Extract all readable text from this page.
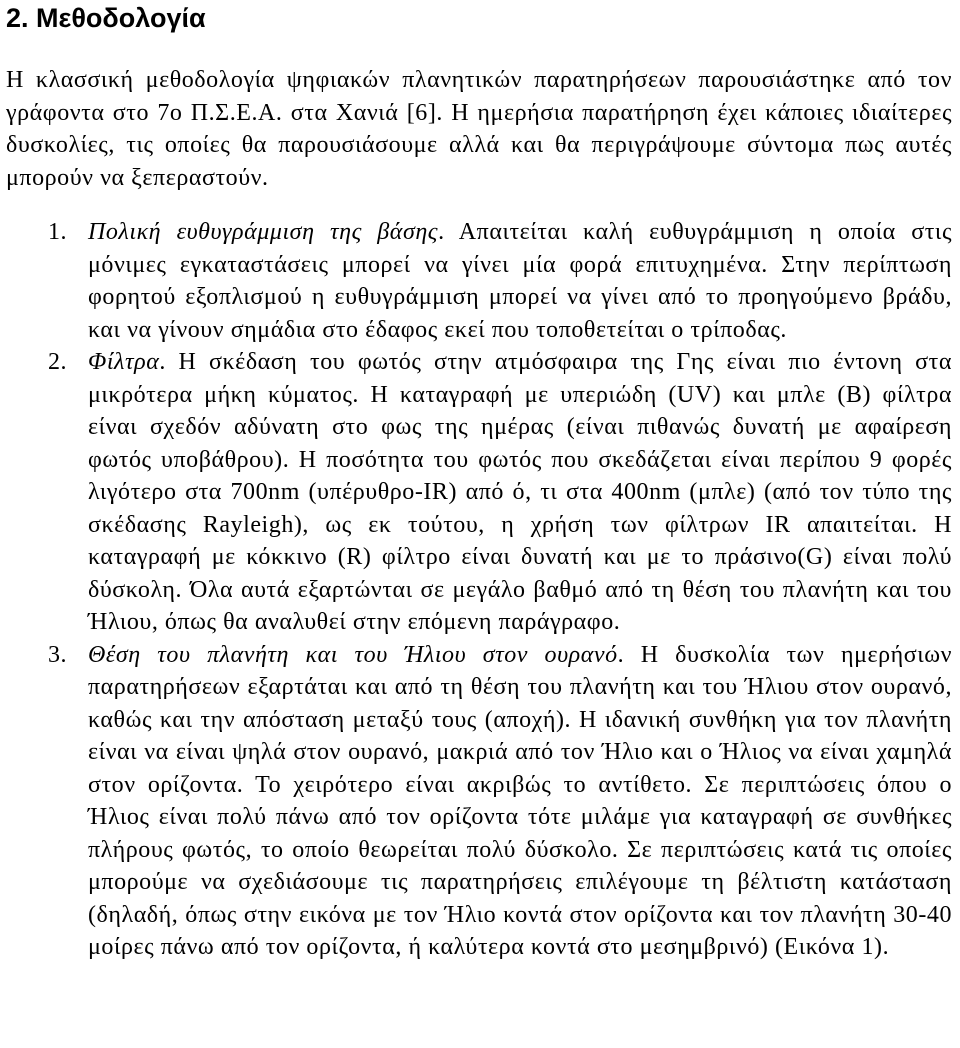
2. Μεθοδολογία

Η κλασσική μεθοδολογία ψηφιακών πλανητικών παρατηρήσεων παρουσιάστηκε από τον γράφοντα στο 7ο Π.Σ.Ε.Α. στα Χανιά [6]. Η ημερήσια παρατήρηση έχει κάποιες ιδιαίτερες δυσκολίες, τις οποίες θα παρουσιάσουμε αλλά και θα περιγράψουμε σύντομα πως αυτές μπορούν να ξεπεραστούν.

1. Πολική ευθυγράμμιση της βάσης. Απαιτείται καλή ευθυγράμμιση η οποία στις μόνιμες εγκαταστάσεις μπορεί να γίνει μία φορά επιτυχημένα. Στην περίπτωση φορητού εξοπλισμού η ευθυγράμμιση μπορεί να γίνει από το προηγούμενο βράδυ, και να γίνουν σημάδια στο έδαφος εκεί που τοποθετείται ο τρίποδας.
2. Φίλτρα. Η σκέδαση του φωτός στην ατμόσφαιρα της Γης είναι πιο έντονη στα μικρότερα μήκη κύματος. Η καταγραφή με υπεριώδη (UV) και μπλε (Β) φίλτρα είναι σχεδόν αδύνατη στο φως της ημέρας (είναι πιθανώς δυνατή με αφαίρεση φωτός υποβάθρου). Η ποσότητα του φωτός που σκεδάζεται είναι περίπου 9 φορές λιγότερο στα 700nm (υπέρυθρο-IR) από ό, τι στα 400nm (μπλε) (από τον τύπο της σκέδασης Rayleigh), ως εκ τούτου, η χρήση των φίλτρων IR απαιτείται. Η καταγραφή με κόκκινο (R) φίλτρο είναι δυνατή και με το πράσινο(G) είναι πολύ δύσκολη. Όλα αυτά εξαρτώνται σε μεγάλο βαθμό από τη θέση του πλανήτη και του Ήλιου, όπως θα αναλυθεί στην επόμενη παράγραφο.
3. Θέση του πλανήτη και του Ήλιου στον ουρανό. Η δυσκολία των ημερήσιων παρατηρήσεων εξαρτάται και από τη θέση του πλανήτη και του Ήλιου στον ουρανό, καθώς και την απόσταση μεταξύ τους (αποχή). Η ιδανική συνθήκη για τον πλανήτη είναι να είναι ψηλά στον ουρανό, μακριά από τον Ήλιο και ο Ήλιος να είναι χαμηλά στον ορίζοντα. Το χειρότερο είναι ακριβώς το αντίθετο. Σε περιπτώσεις όπου ο Ήλιος είναι πολύ πάνω από τον ορίζοντα τότε μιλάμε για καταγραφή σε συνθήκες πλήρους φωτός, το οποίο θεωρείται πολύ δύσκολο. Σε περιπτώσεις κατά τις οποίες μπορούμε να σχεδιάσουμε τις παρατηρήσεις επιλέγουμε τη βέλτιστη κατάσταση (δηλαδή, όπως στην εικόνα με τον Ήλιο κοντά στον ορίζοντα και τον πλανήτη 30-40 μοίρες πάνω από τον ορίζοντα, ή καλύτερα κοντά στο μεσημβρινό) (Εικόνα 1).
